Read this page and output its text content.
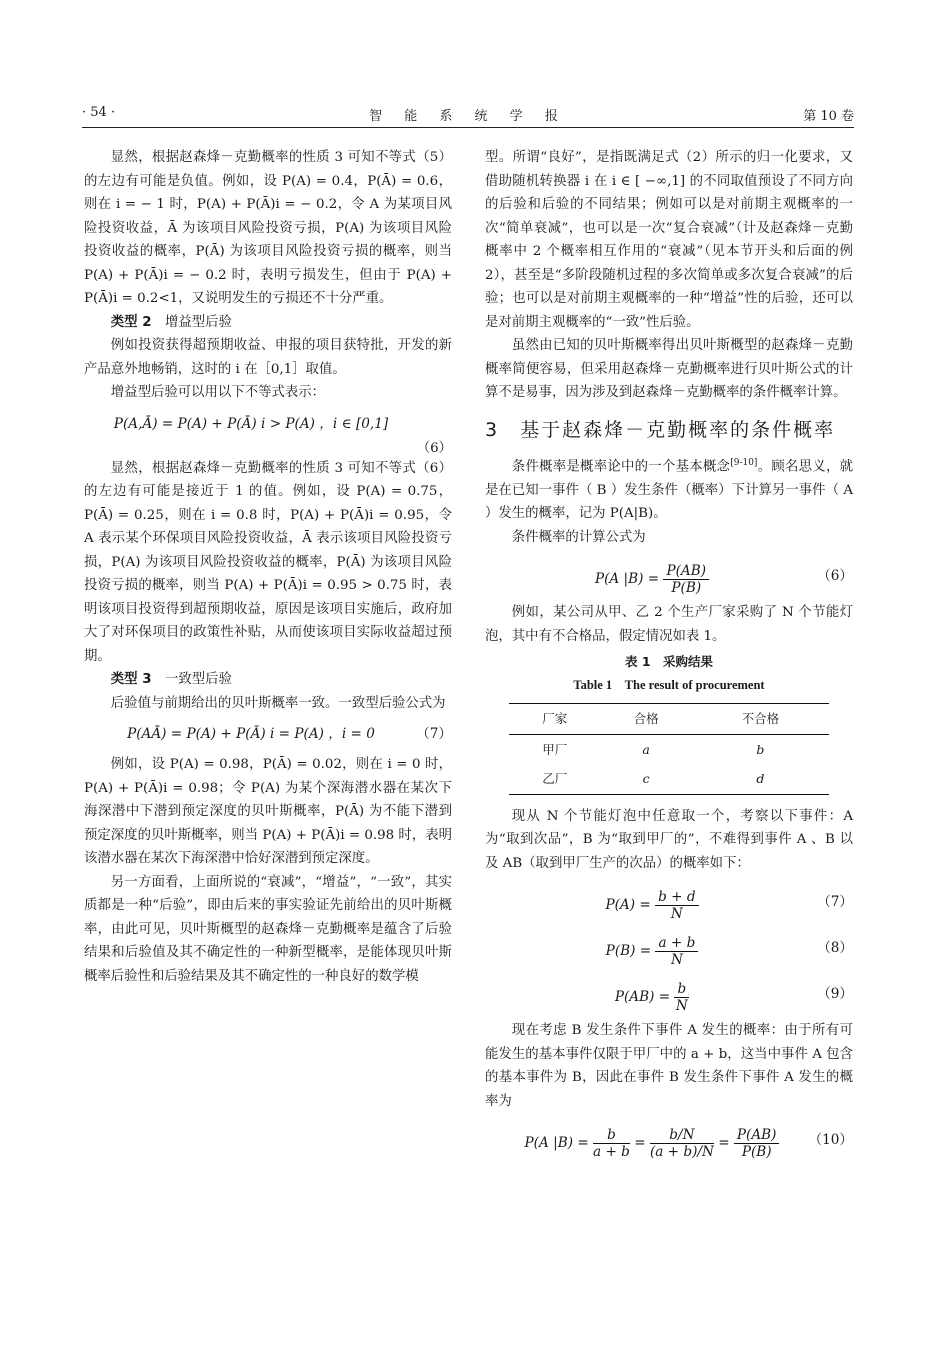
· 54 ·	智 能 系 统 学 报	第 10 卷

显然，根据赵森烽－克勤概率的性质 3 可知不等式（5）的左边有可能是负值。例如，设 P(A) = 0.4，P(Ā) = 0.6，则在 i = − 1 时，P(A) + P(Ā)i = − 0.2，令 A 为某项目风险投资收益，Ā 为该项目风险投资亏损，P(A) 为该项目风险投资收益的概率，P(Ā) 为该项目风险投资亏损的概率，则当 P(A) + P(Ā)i = − 0.2 时，表明亏损发生，但由于 P(A) + P(Ā)i = 0.2<1，又说明发生的亏损还不十分严重。

类型 2　 增益型后验

例如投资获得超预期收益、申报的项目获特批，开发的新产品意外地畅销，这时的 i 在［0,1］取值。

增益型后验可以用以下不等式表示：

P(A,Ā) = P(A) + P(Ā) i > P(A) ，i ∈ [0,1]
（6）

显然，根据赵森烽－克勤概率的性质 3 可知不等式（6）的左边有可能是接近于 1 的值。例如，设 P(A) = 0.75，P(Ā) = 0.25，则在 i = 0.8 时，P(A) + P(Ā)i = 0.95，令 A 表示某个环保项目风险投资收益，Ā 表示该项目风险投资亏损，P(A) 为该项目风险投资收益的概率，P(Ā) 为该项目风险投资亏损的概率，则当 P(A) + P(Ā)i = 0.95 > 0.75 时，表明该项目投资得到超预期收益，原因是该项目实施后，政府加大了对环保项目的政策性补贴，从而使该项目实际收益超过预期。

类型 3　 一致型后验

后验值与前期给出的贝叶斯概率一致。一致型后验公式为

P(AĀ) = P(A) + P(Ā) i = P(A) ，i = 0	（7）

例如，设 P(A) = 0.98，P(Ā) = 0.02，则在 i = 0 时，P(A) + P(Ā)i = 0.98；令 P(A) 为某个深海潜水器在某次下海深潜中下潜到预定深度的贝叶斯概率，P(Ā) 为不能下潜到预定深度的贝叶斯概率，则当 P(A) + P(Ā)i = 0.98 时，表明该潜水器在某次下海深潜中恰好深潜到预定深度。

另一方面看，上面所说的“衰减”，“增益”，“一致”，其实质都是一种“后验”，即由后来的事实验证先前给出的贝叶斯概率，由此可见，贝叶斯概型的赵森烽－克勤概率是蕴含了后验结果和后验值及其不确定性的一种新型概率，是能体现贝叶斯概率后验性和后验结果及其不确定性的一种良好的数学模

型。所谓“良好”，是指既满足式（2）所示的归一化要求，又借助随机转换器 i 在 i ∈ [ −∞,1] 的不同取值预设了不同方向的后验和后验的不同结果；例如可以是对前期主观概率的一次“简单衰减”，也可以是一次“复合衰减”（计及赵森烽－克勤概率中 2 个概率相互作用的“衰减”（见本节开头和后面的例 2），甚至是“多阶段随机过程的多次简单或多次复合衰减”的后验；也可以是对前期主观概率的一种“增益”性的后验，还可以是对前期主观概率的“一致”性后验。

虽然由已知的贝叶斯概率得出贝叶斯概型的赵森烽－克勤概率简便容易，但采用赵森烽－克勤概率进行贝叶斯公式的计算不是易事，因为涉及到赵森烽－克勤概率的条件概率计算。

3　基于赵森烽－克勤概率的条件概率

条件概率是概率论中的一个基本概念[9-10]。顾名思义，就是在已知一事件（ B ）发生条件（概率）下计算另一事件（ A ）发生的概率，记为 P(A|B)。

条件概率的计算公式为

P(A $|B) = \frac{P(AB)}{P(B)}$	（6）

例如，某公司从甲、乙 2 个生产厂家采购了 N 个节能灯泡，其中有不合格品，假定情况如表 1。

表 1　采购结果
Table 1　The result of procurement
厂家	合格	不合格
甲厂	a	b
乙厂	c	d

现从 N 个节能灯泡中任意取一个，考察以下事件：A 为“取到次品”，B 为“取到甲厂的”，不难得到事件 A 、B 以及 AB（取到甲厂生产的次品）的概率如下：

$P(A) = \frac{b + d}{N}$	（7）
$P(B) = \frac{a + b}{N}$	（8）
$P(AB) = \frac{b}{N}$	（9）

现在考虑 B 发生条件下事件 A 发生的概率：由于所有可能发生的基本事件仅限于甲厂中的 a + b，这当中事件 A 包含的基本事件为 B，因此在事件 B 发生条件下事件 A 发生的概率为

P(A $|B) = \frac{b}{a + b} = \frac{b/N}{(a + b)/N} = \frac{P(AB)}{P(B)} (10)$
